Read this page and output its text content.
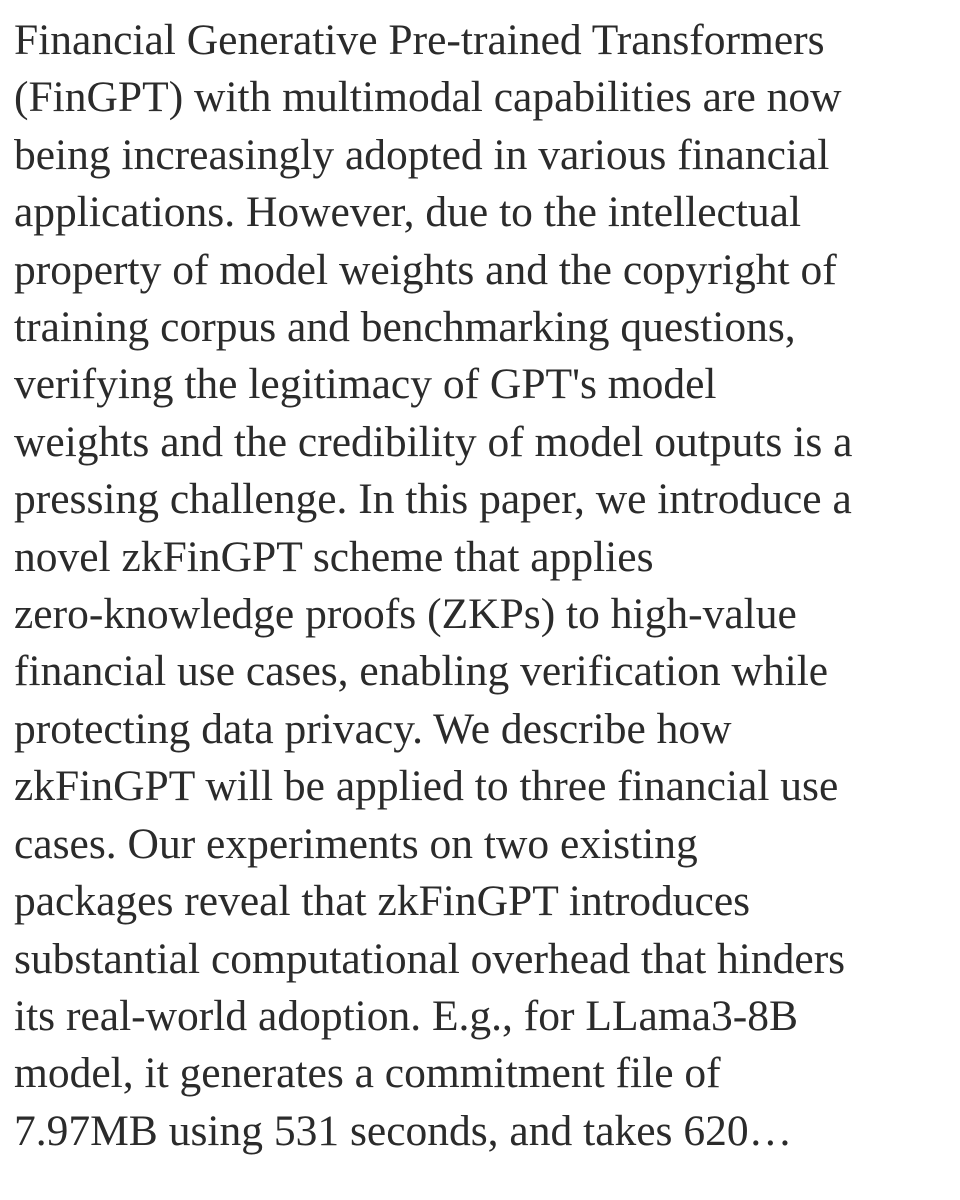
Financial Generative Pre-trained Transformers
(FinGPT) with multimodal capabilities are now
being increasingly adopted in various financial
applications. However, due to the intellectual
property of model weights and the copyright of
training corpus and benchmarking questions,
verifying the legitimacy of GPT's model
weights and the credibility of model outputs is a
pressing challenge. In this paper, we introduce a
novel zkFinGPT scheme that applies
zero-knowledge proofs (ZKPs) to high-value
financial use cases, enabling verification while
protecting data privacy. We describe how
zkFinGPT will be applied to three financial use
cases. Our experiments on two existing
packages reveal that zkFinGPT introduces
substantial computational overhead that hinders
its real-world adoption. E.g., for LLama3-8B
model, it generates a commitment file of
7.97MB using 531 seconds, and takes 620…
